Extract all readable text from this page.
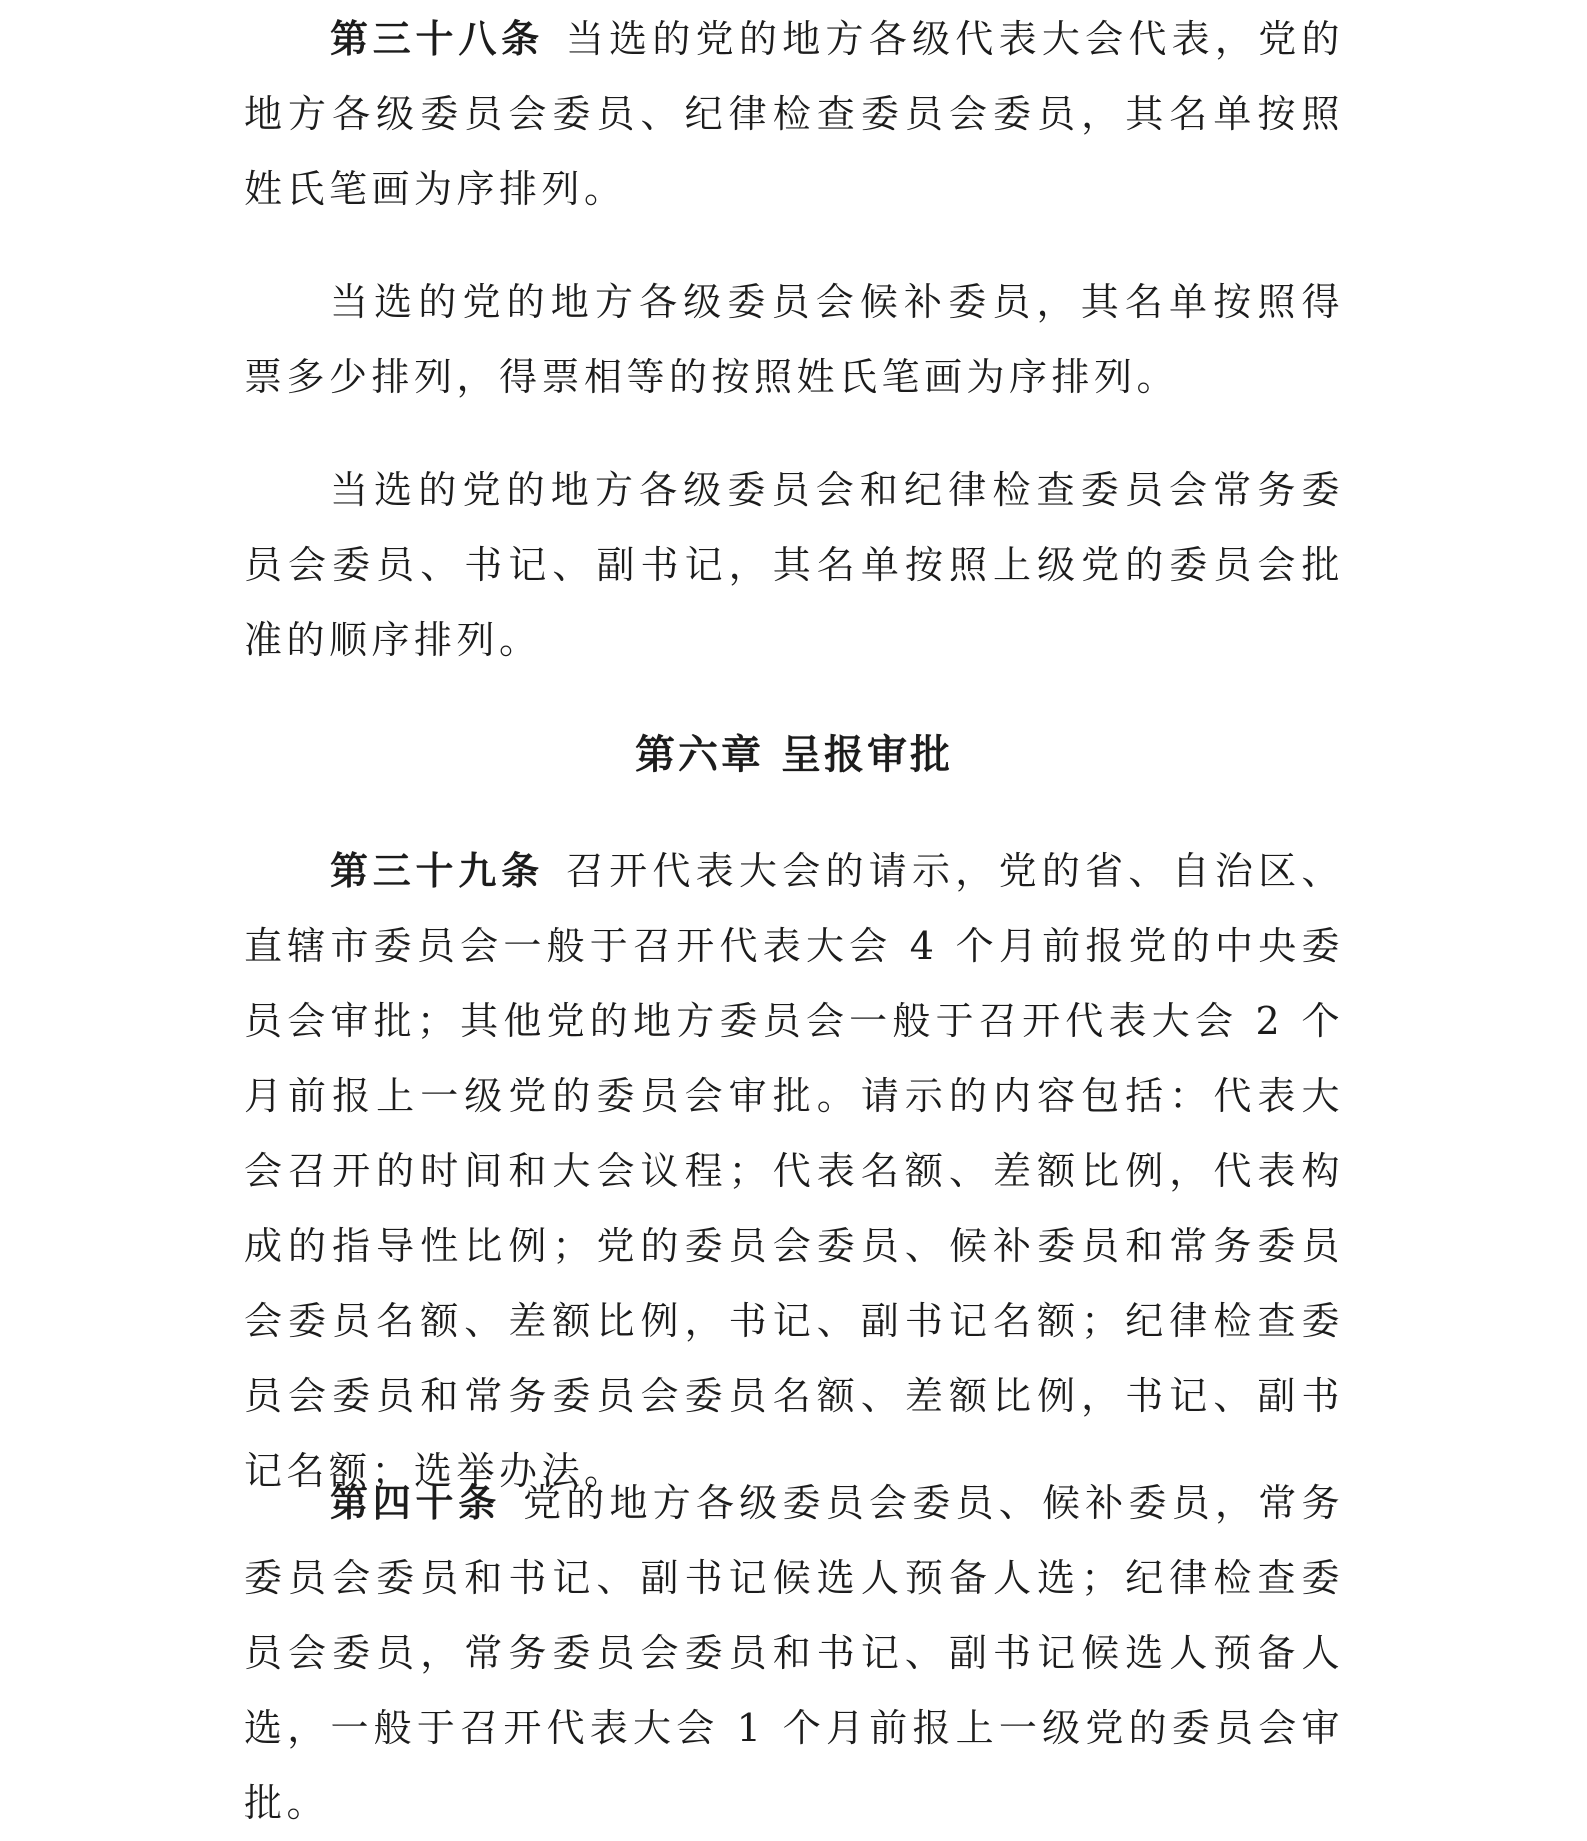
第三十八条 当选的党的地方各级代表大会代表，党的地方各级委员会委员、纪律检查委员会委员，其名单按照姓氏笔画为序排列。

当选的党的地方各级委员会候补委员，其名单按照得票多少排列，得票相等的按照姓氏笔画为序排列。

当选的党的地方各级委员会和纪律检查委员会常务委员会委员、书记、副书记，其名单按照上级党的委员会批准的顺序排列。

第六章 呈报审批

第三十九条 召开代表大会的请示，党的省、自治区、直辖市委员会一般于召开代表大会 4 个月前报党的中央委员会审批；其他党的地方委员会一般于召开代表大会 2 个月前报上一级党的委员会审批。请示的内容包括：代表大会召开的时间和大会议程；代表名额、差额比例，代表构成的指导性比例；党的委员会委员、候补委员和常务委员会委员名额、差额比例，书记、副书记名额；纪律检查委员会委员和常务委员会委员名额、差额比例，书记、副书记名额；选举办法。

第四十条 党的地方各级委员会委员、候补委员，常务委员会委员和书记、副书记候选人预备人选；纪律检查委员会委员，常务委员会委员和书记、副书记候选人预备人选，一般于召开代表大会 1 个月前报上一级党的委员会审批。
